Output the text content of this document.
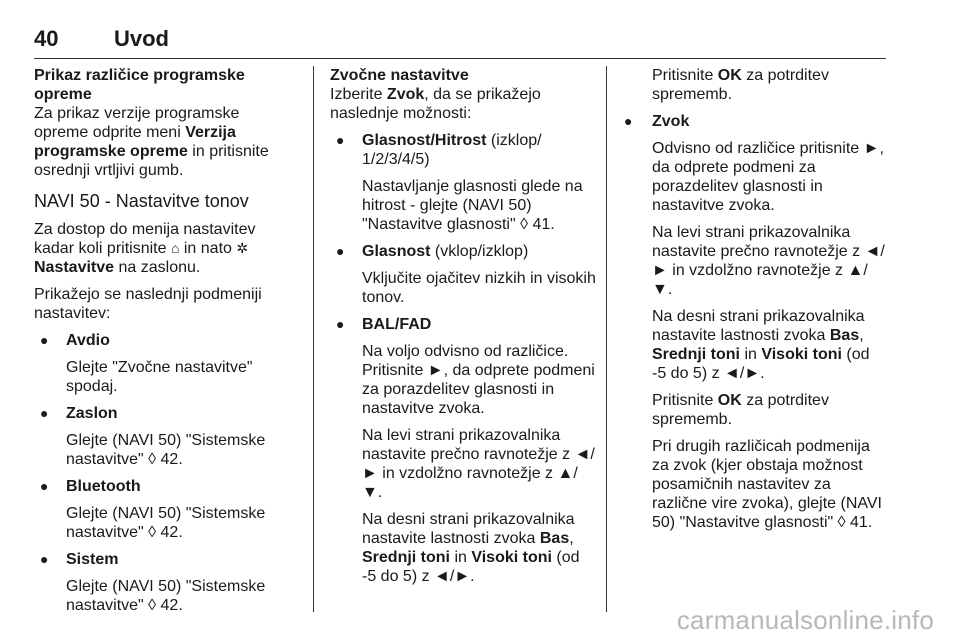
40	Uvod

Prikaz različice programske opreme

Za prikaz verzije programske opreme odprite meni Verzija programske opreme in pritisnite osrednji vrtljivi gumb.

NAVI 50 - Nastavitve tonov

Za dostop do menija nastavitev kadar koli pritisnite ⌂ in nato ✲Nastavitve na zaslonu.

Prikažejo se naslednji podmeniji nastavitev:

● Avdio
Glejte "Zvočne nastavitve" spodaj.
● Zaslon
Glejte (NAVI 50) "Sistemske nastavitve" ◊ 42.
● Bluetooth
Glejte (NAVI 50) "Sistemske nastavitve" ◊ 42.
● Sistem
Glejte (NAVI 50) "Sistemske nastavitve" ◊ 42.

Zvočne nastavitve

Izberite Zvok, da se prikažejo naslednje možnosti:

● Glasnost/Hitrost (izklop/ 1/2/3/4/5)
Nastavljanje glasnosti glede na hitrost - glejte (NAVI 50) "Nastavitve glasnosti" ◊ 41.
● Glasnost (vklop/izklop)
Vključite ojačitev nizkih in visokih tonov.
● BAL/FAD
Na voljo odvisno od različice. Pritisnite ►, da odprete podmeni za porazdelitev glasnosti in nastavitve zvoka.
Na levi strani prikazovalnika nastavite prečno ravnotežje z ◄/ ► in vzdolžno ravnotežje z ▲/▼.
Na desni strani prikazovalnika nastavite lastnosti zvoka Bas, Srednji toni in Visoki toni (od -5 do 5) z ◄/►.

Pritisnite OK za potrditev sprememb.

● Zvok
Odvisno od različice pritisnite ►, da odprete podmeni za porazdelitev glasnosti in nastavitve zvoka.
Na levi strani prikazovalnika nastavite prečno ravnotežje z ◄/ ► in vzdolžno ravnotežje z ▲/▼.
Na desni strani prikazovalnika nastavite lastnosti zvoka Bas, Srednji toni in Visoki toni (od -5 do 5) z ◄/►.
Pritisnite OK za potrditev sprememb.
Pri drugih različicah podmenija za zvok (kjer obstaja možnost posamičnih nastavitev za različne vire zvoka), glejte (NAVI 50) "Nastavitve glasnosti" ◊ 41.
carmanualsonline.info
